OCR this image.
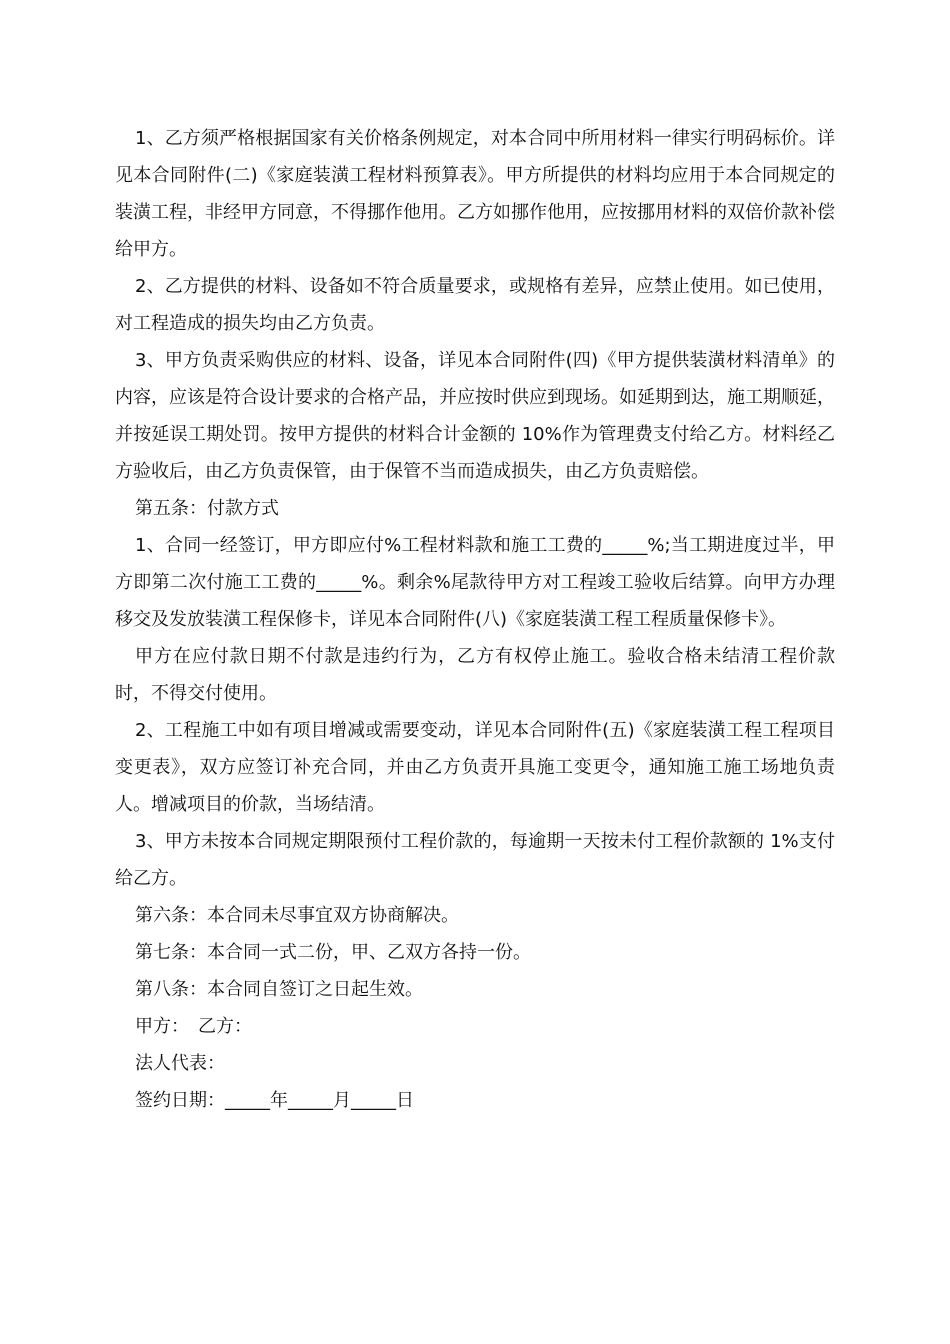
1、乙方须严格根据国家有关价格条例规定，对本合同中所用材料一律实行明码标价。详见本合同附件(二)《家庭装潢工程材料预算表》。甲方所提供的材料均应用于本合同规定的装潢工程，非经甲方同意，不得挪作他用。乙方如挪作他用，应按挪用材料的双倍价款补偿给甲方。

2、乙方提供的材料、设备如不符合质量要求，或规格有差异，应禁止使用。如已使用，对工程造成的损失均由乙方负责。

3、甲方负责采购供应的材料、设备，详见本合同附件(四)《甲方提供装潢材料清单》的内容，应该是符合设计要求的合格产品，并应按时供应到现场。如延期到达，施工期顺延，并按延误工期处罚。按甲方提供的材料合计金额的 10%作为管理费支付给乙方。材料经乙方验收后，由乙方负责保管，由于保管不当而造成损失，由乙方负责赔偿。

第五条：付款方式

1、合同一经签订，甲方即应付%工程材料款和施工工费的_____%;当工期进度过半，甲方即第二次付施工工费的_____%。剩余%尾款待甲方对工程竣工验收后结算。向甲方办理移交及发放装潢工程保修卡，详见本合同附件(八)《家庭装潢工程工程质量保修卡》。

甲方在应付款日期不付款是违约行为，乙方有权停止施工。验收合格未结清工程价款时，不得交付使用。

2、工程施工中如有项目增减或需要变动，详见本合同附件(五)《家庭装潢工程工程项目变更表》，双方应签订补充合同，并由乙方负责开具施工变更令，通知施工施工场地负责人。增减项目的价款，当场结清。

3、甲方未按本合同规定期限预付工程价款的，每逾期一天按未付工程价款额的 1%支付给乙方。

第六条：本合同未尽事宜双方协商解决。

第七条：本合同一式二份，甲、乙双方各持一份。

第八条：本合同自签订之日起生效。

甲方：　乙方：

法人代表：

签约日期：_____年_____月_____日
